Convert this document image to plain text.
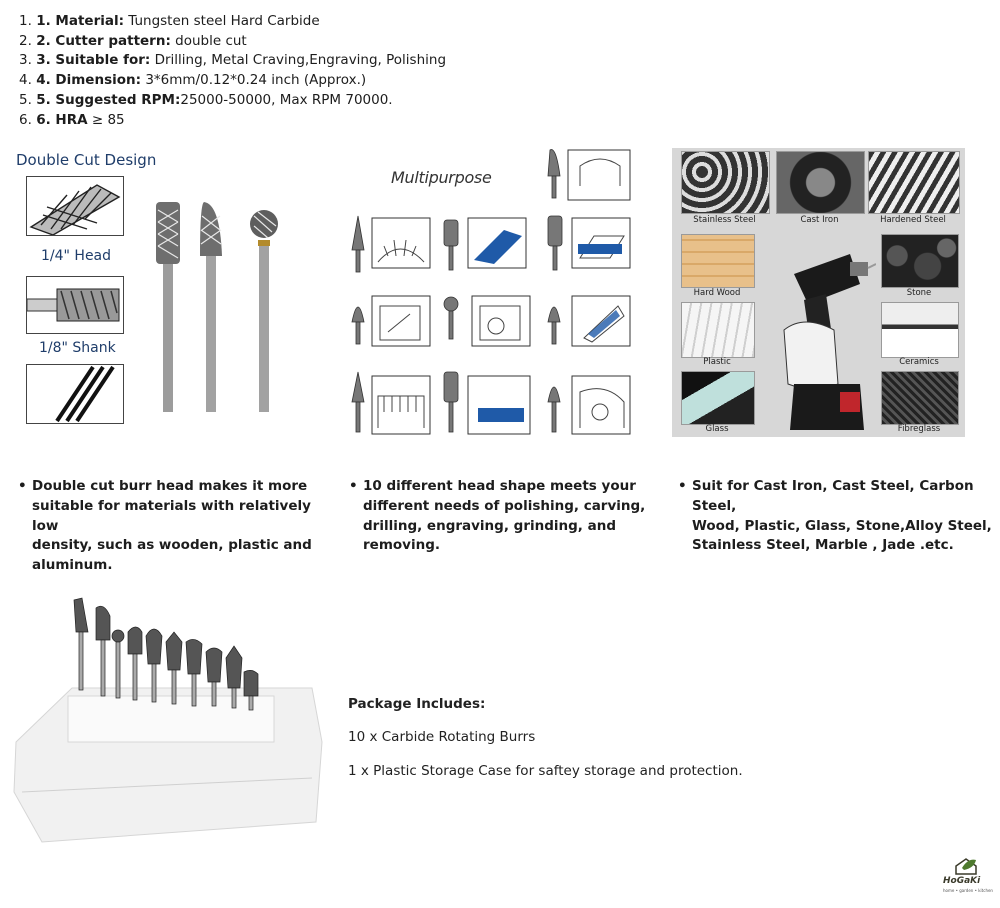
1. 1. Material: Tungsten steel Hard Carbide
2. 2. Cutter pattern: double cut
3. 3. Suitable for: Drilling, Metal Craving,Engraving, Polishing
4. 4. Dimension: 3*6mm/0.12*0.24 inch (Approx.)
5. 5. Suggested RPM:25000-50000, Max RPM 70000.
6. 6. HRA ≥ 85
Double Cut Design
1/4" Head
1/8" Shank
Multipurpose
Stainless Steel	Cast Iron	Hardened Steel
Hard Wood	Stone
Plastic	Ceramics
Glass	Fibreglass
• Double cut burr head makes it more
suitable for materials with relatively low
density, such as wooden, plastic and
aluminum.
• 10 different head shape meets your
different needs of polishing, carving,
drilling, engraving, grinding, and
removing.
• Suit for Cast Iron, Cast Steel, Carbon Steel,
Wood, Plastic, Glass, Stone,Alloy Steel,
Stainless Steel, Marble , Jade .etc.
Package Includes:
10 x Carbide Rotating Burrs
1 x Plastic Storage Case for saftey storage and protection.
HoGaKi
home • garden • kitchen
